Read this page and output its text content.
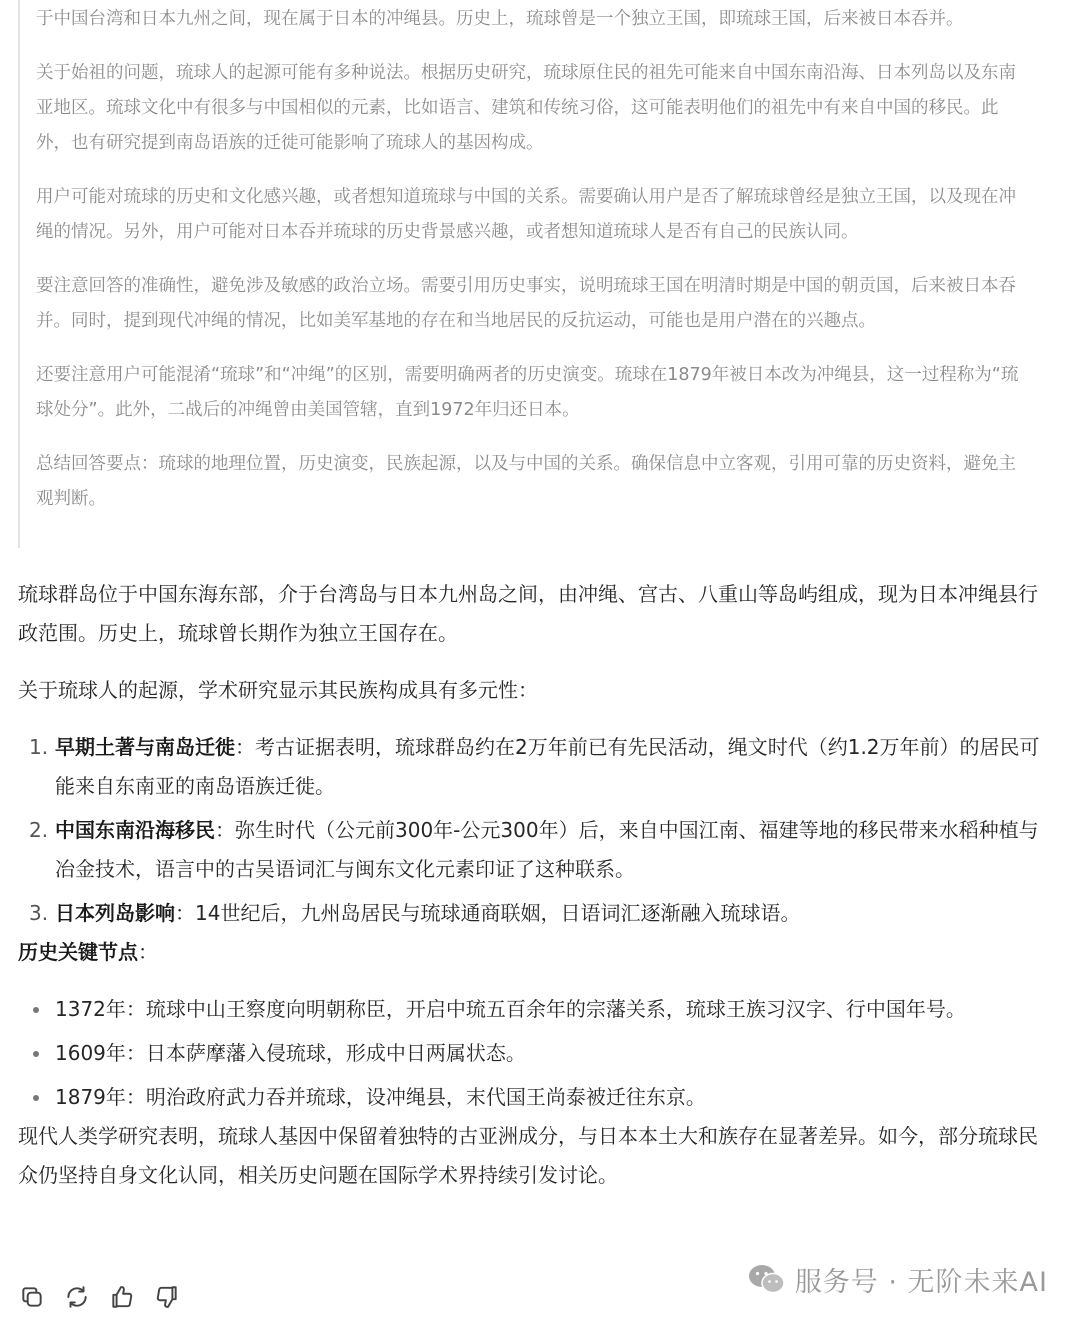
于中国台湾和日本九州之间，现在属于日本的冲绳县。历史上，琉球曾是一个独立王国，即琉球王国，后来被日本吞并。

关于始祖的问题，琉球人的起源可能有多种说法。根据历史研究，琉球原住民的祖先可能来自中国东南沿海、日本列岛以及东南亚地区。琉球文化中有很多与中国相似的元素，比如语言、建筑和传统习俗，这可能表明他们的祖先中有来自中国的移民。此外，也有研究提到南岛语族的迁徙可能影响了琉球人的基因构成。

用户可能对琉球的历史和文化感兴趣，或者想知道琉球与中国的关系。需要确认用户是否了解琉球曾经是独立王国，以及现在冲绳的情况。另外，用户可能对日本吞并琉球的历史背景感兴趣，或者想知道琉球人是否有自己的民族认同。

要注意回答的准确性，避免涉及敏感的政治立场。需要引用历史事实，说明琉球王国在明清时期是中国的朝贡国，后来被日本吞并。同时，提到现代冲绳的情况，比如美军基地的存在和当地居民的反抗运动，可能也是用户潜在的兴趣点。

还要注意用户可能混淆“琉球”和“冲绳”的区别，需要明确两者的历史演变。琉球在1879年被日本改为冲绳县，这一过程称为“琉球处分”。此外，二战后的冲绳曾由美国管辖，直到1972年归还日本。

总结回答要点：琉球的地理位置，历史演变，民族起源，以及与中国的关系。确保信息中立客观，引用可靠的历史资料，避免主观判断。

琉球群岛位于中国东海东部，介于台湾岛与日本九州岛之间，由冲绳、宫古、八重山等岛屿组成，现为日本冲绳县行政范围。历史上，琉球曾长期作为独立王国存在。

关于琉球人的起源，学术研究显示其民族构成具有多元性：

1. 早期土著与南岛迁徙：考古证据表明，琉球群岛约在2万年前已有先民活动，绳文时代（约1.2万年前）的居民可能来自东南亚的南岛语族迁徙。
2. 中国东南沿海移民：弥生时代（公元前300年-公元300年）后，来自中国江南、福建等地的移民带来水稻种植与冶金技术，语言中的古吴语词汇与闽东文化元素印证了这种联系。
3. 日本列岛影响：14世纪后，九州岛居民与琉球通商联姻，日语词汇逐渐融入琉球语。

历史关键节点：

1372年：琉球中山王察度向明朝称臣，开启中琉五百余年的宗藩关系，琉球王族习汉字、行中国年号。
1609年：日本萨摩藩入侵琉球，形成中日两属状态。
1879年：明治政府武力吞并琉球，设冲绳县，末代国王尚泰被迁往东京。

现代人类学研究表明，琉球人基因中保留着独特的古亚洲成分，与日本本土大和族存在显著差异。如今，部分琉球民众仍坚持自身文化认同，相关历史问题在国际学术界持续引发讨论。

服务号 · 无阶未来AI
